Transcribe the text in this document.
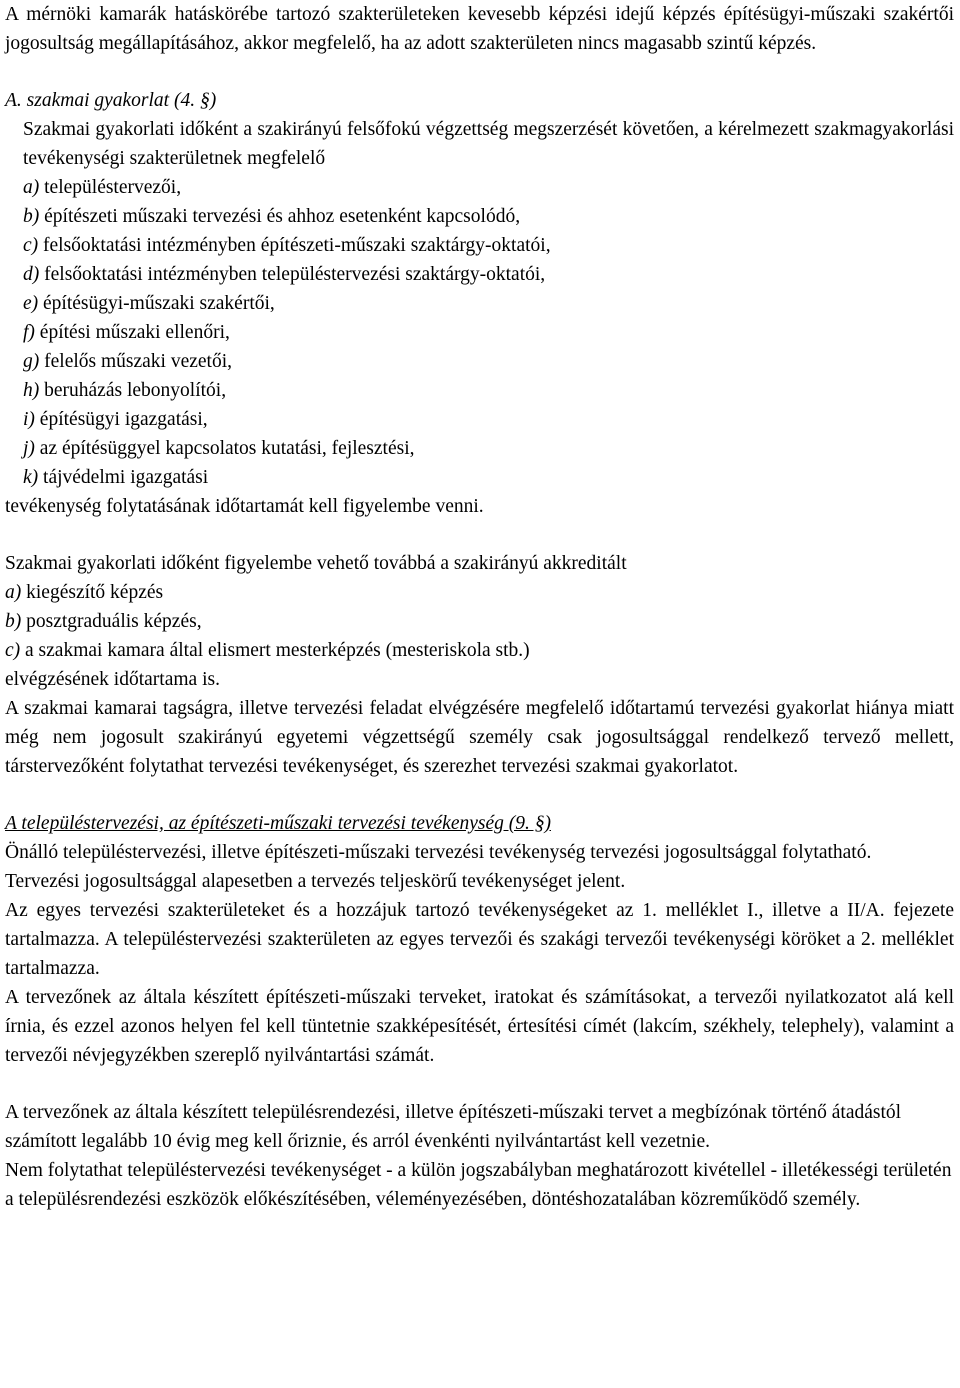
A mérnöki kamarák hatáskörébe tartozó szakterületeken kevesebb képzési idejű képzés építésügyi-műszaki szakértői jogosultság megállapításához, akkor megfelelő, ha az adott szakterületen nincs magasabb szintű képzés.

A. szakmai gyakorlat (4. §)

Szakmai gyakorlati időként a szakirányú felsőfokú végzettség megszerzését követően, a kérelmezett szakmagyakorlási tevékenységi szakterületnek megfelelő

a) településtervezői,

b) építészeti műszaki tervezési és ahhoz esetenként kapcsolódó,

c) felsőoktatási intézményben építészeti-műszaki szaktárgy-oktatói,

d) felsőoktatási intézményben településtervezési szaktárgy-oktatói,

e) építésügyi-műszaki szakértői,

f) építési műszaki ellenőri,

g) felelős műszaki vezetői,

h) beruházás lebonyolítói,

i) építésügyi igazgatási,

j) az építésüggyel kapcsolatos kutatási, fejlesztési,

k) tájvédelmi igazgatási

tevékenység folytatásának időtartamát kell figyelembe venni.

Szakmai gyakorlati időként figyelembe vehető továbbá a szakirányú akkreditált

a) kiegészítő képzés

b) posztgraduális képzés,

c) a szakmai kamara által elismert mesterképzés (mesteriskola stb.)

elvégzésének időtartama is.

A szakmai kamarai tagságra, illetve tervezési feladat elvégzésére megfelelő időtartamú tervezési gyakorlat hiánya miatt még nem jogosult szakirányú egyetemi végzettségű személy csak jogosultsággal rendelkező tervező mellett, társtervezőként folytathat tervezési tevékenységet, és szerezhet tervezési szakmai gyakorlatot.

A településtervezési, az építészeti-műszaki tervezési tevékenység (9. §)

Önálló településtervezési, illetve építészeti-műszaki tervezési tevékenység tervezési jogosultsággal folytatható.

Tervezési jogosultsággal alapesetben a tervezés teljeskörű tevékenységet jelent.

Az egyes tervezési szakterületeket és a hozzájuk tartozó tevékenységeket az 1. melléklet I., illetve a II/A. fejezete tartalmazza. A településtervezési szakterületen az egyes tervezői és szakági tervezői tevékenységi köröket a 2. melléklet tartalmazza.

A tervezőnek az általa készített építészeti-műszaki terveket, iratokat és számításokat, a tervezői nyilatkozatot alá kell írnia, és ezzel azonos helyen fel kell tüntetnie szakképesítését, értesítési címét (lakcím, székhely, telephely), valamint a tervezői névjegyzékben szereplő nyilvántartási számát.

A tervezőnek az általa készített településrendezési, illetve építészeti-műszaki tervet a megbízónak történő átadástól számított legalább 10 évig meg kell őriznie, és arról évenkénti nyilvántartást kell vezetnie.

Nem folytathat településtervezési tevékenységet - a külön jogszabályban meghatározott kivétellel - illetékességi területén a településrendezési eszközök előkészítésében, véleményezésében, döntéshozatalában közreműködő személy.
